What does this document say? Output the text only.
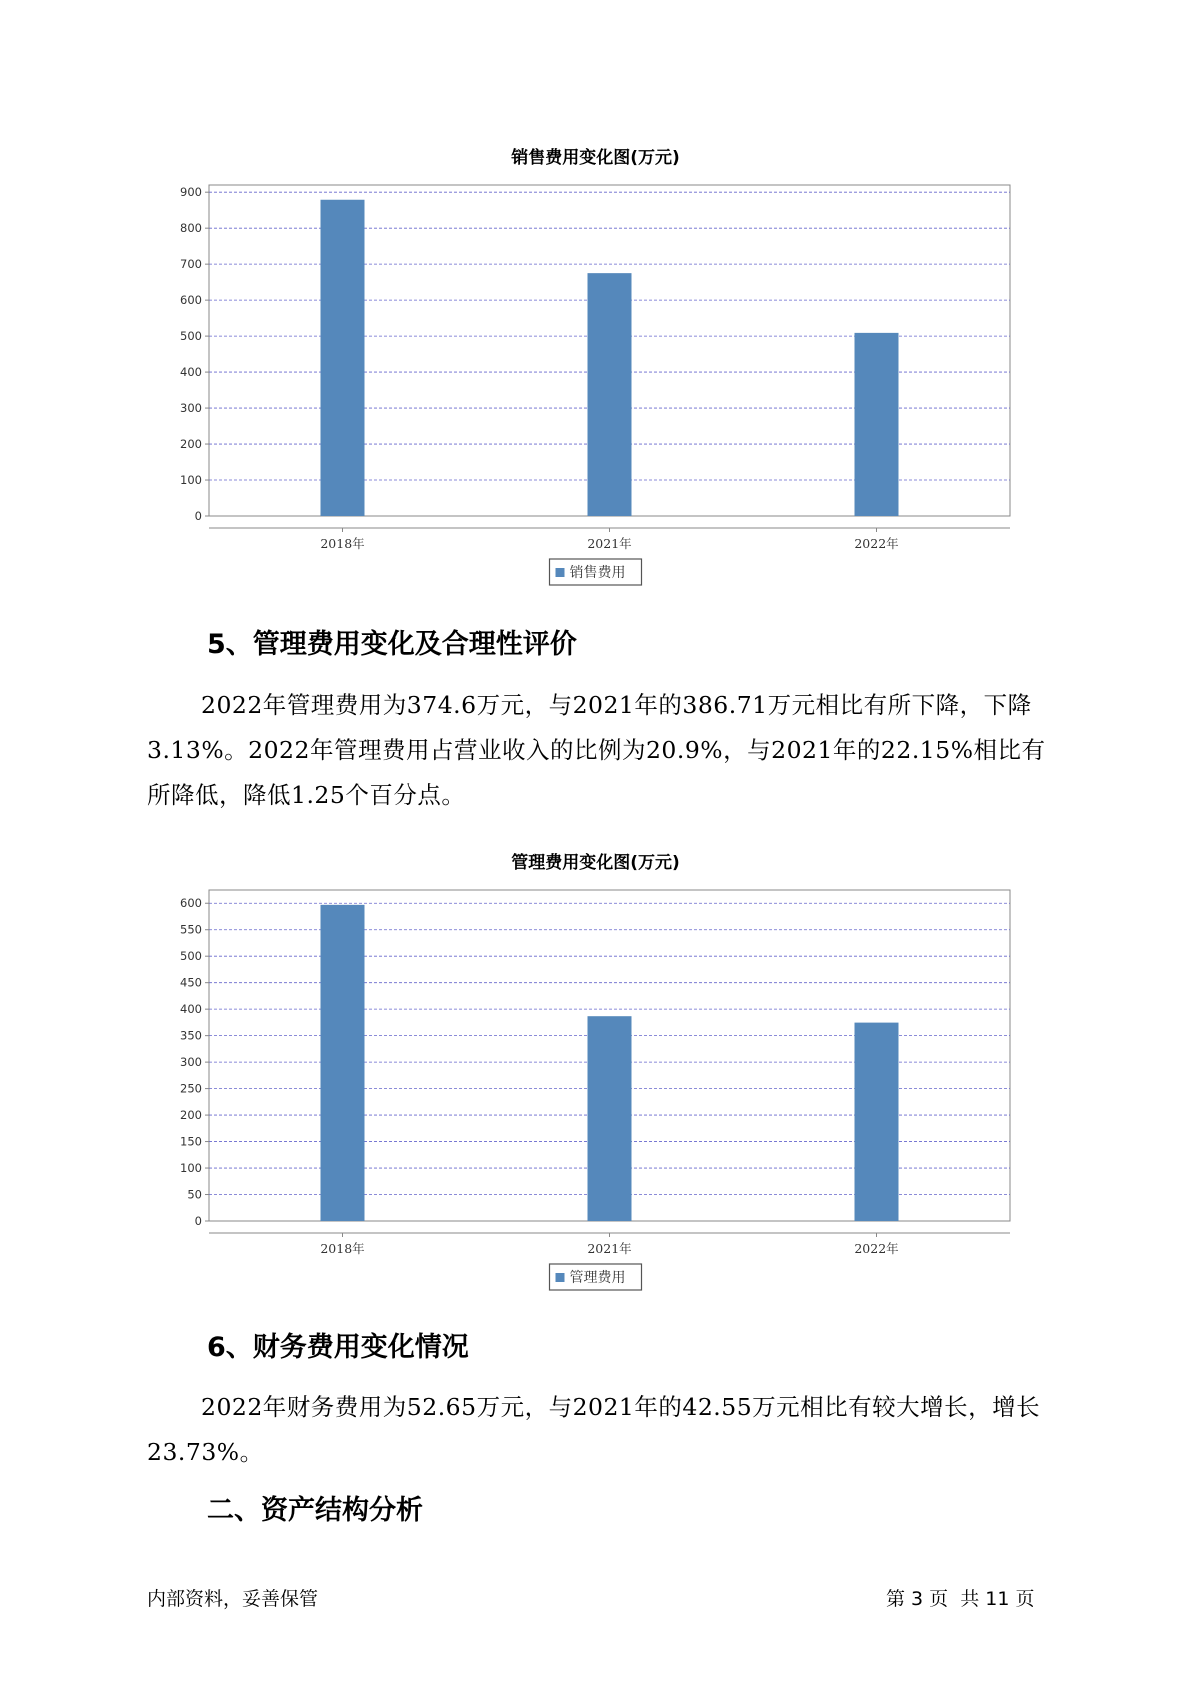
销售费用变化图(万元)
0
100
200
300
400
500
600
700
800
900
2018年	2021年	2022年
销售费用
5、管理费用变化及合理性评价

2022年管理费用为374.6万元，与2021年的386.71万元相比有所下降，下降3.13%。2022年管理费用占营业收入的比例为20.9%，与2021年的22.15%相比有所降低，降低1.25个百分点。

管理费用变化图(万元)
0
50
100
150
200
250
300
350
400
450
500
550
600
2018年	2021年	2022年
管理费用
6、财务费用变化情况

2022年财务费用为52.65万元，与2021年的42.55万元相比有较大增长，增长23.73%。

二、资产结构分析
内部资料，妥善保管	第 3 页  共 11 页
